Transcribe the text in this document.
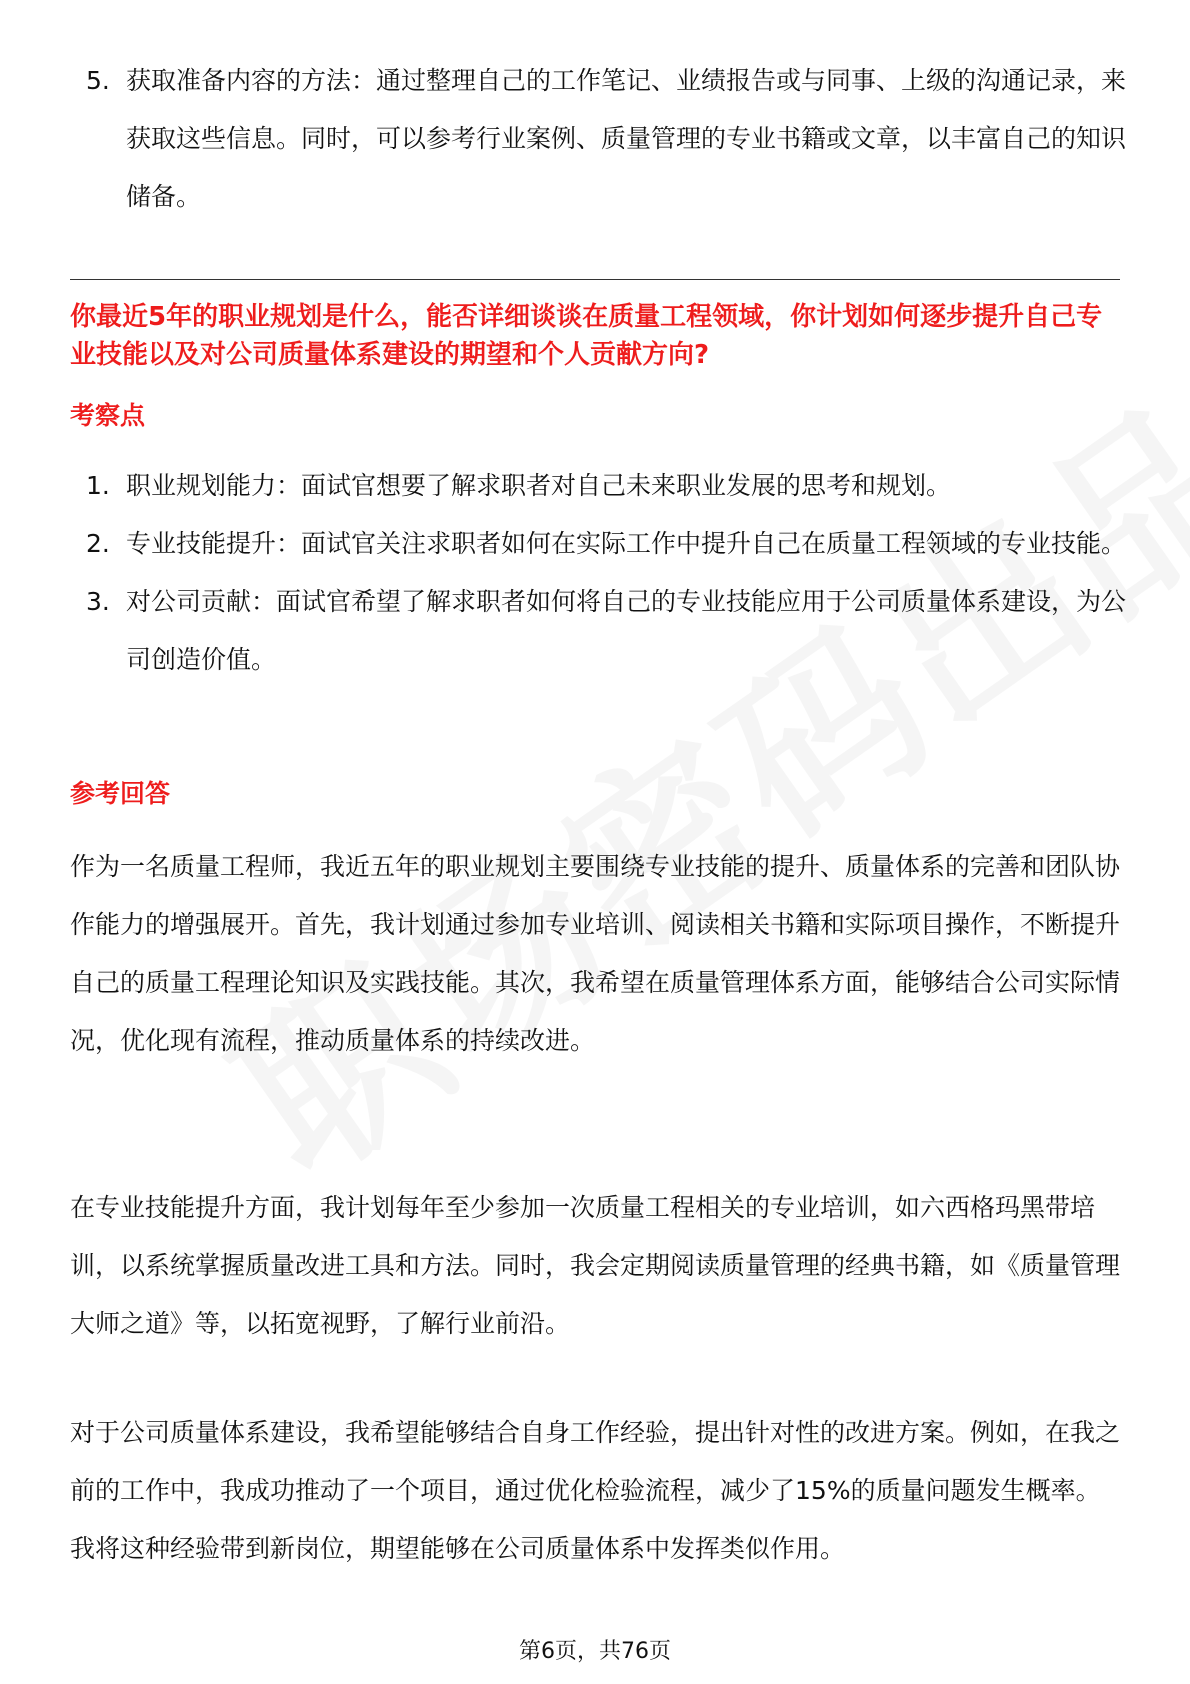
5. 获取准备内容的方法：通过整理自己的工作笔记、业绩报告或与同事、上级的沟通记录，来获取这些信息。同时，可以参考行业案例、质量管理的专业书籍或文章，以丰富自己的知识储备。

你最近5年的职业规划是什么，能否详细谈谈在质量工程领域，你计划如何逐步提升自己专业技能以及对公司质量体系建设的期望和个人贡献方向?

考察点
1. 职业规划能力：面试官想要了解求职者对自己未来职业发展的思考和规划。
2. 专业技能提升：面试官关注求职者如何在实际工作中提升自己在质量工程领域的专业技能。
3. 对公司贡献：面试官希望了解求职者如何将自己的专业技能应用于公司质量体系建设，为公司创造价值。
参考回答

作为一名质量工程师，我近五年的职业规划主要围绕专业技能的提升、质量体系的完善和团队协作能力的增强展开。首先，我计划通过参加专业培训、阅读相关书籍和实际项目操作，不断提升自己的质量工程理论知识及实践技能。其次，我希望在质量管理体系方面，能够结合公司实际情况，优化现有流程，推动质量体系的持续改进。

在专业技能提升方面，我计划每年至少参加一次质量工程相关的专业培训，如六西格玛黑带培训，以系统掌握质量改进工具和方法。同时，我会定期阅读质量管理的经典书籍，如《质量管理大师之道》等，以拓宽视野，了解行业前沿。

对于公司质量体系建设，我希望能够结合自身工作经验，提出针对性的改进方案。例如，在我之前的工作中，我成功推动了一个项目，通过优化检验流程，减少了15%的质量问题发生概率。我将这种经验带到新岗位，期望能够在公司质量体系中发挥类似作用。

第6页，共76页
